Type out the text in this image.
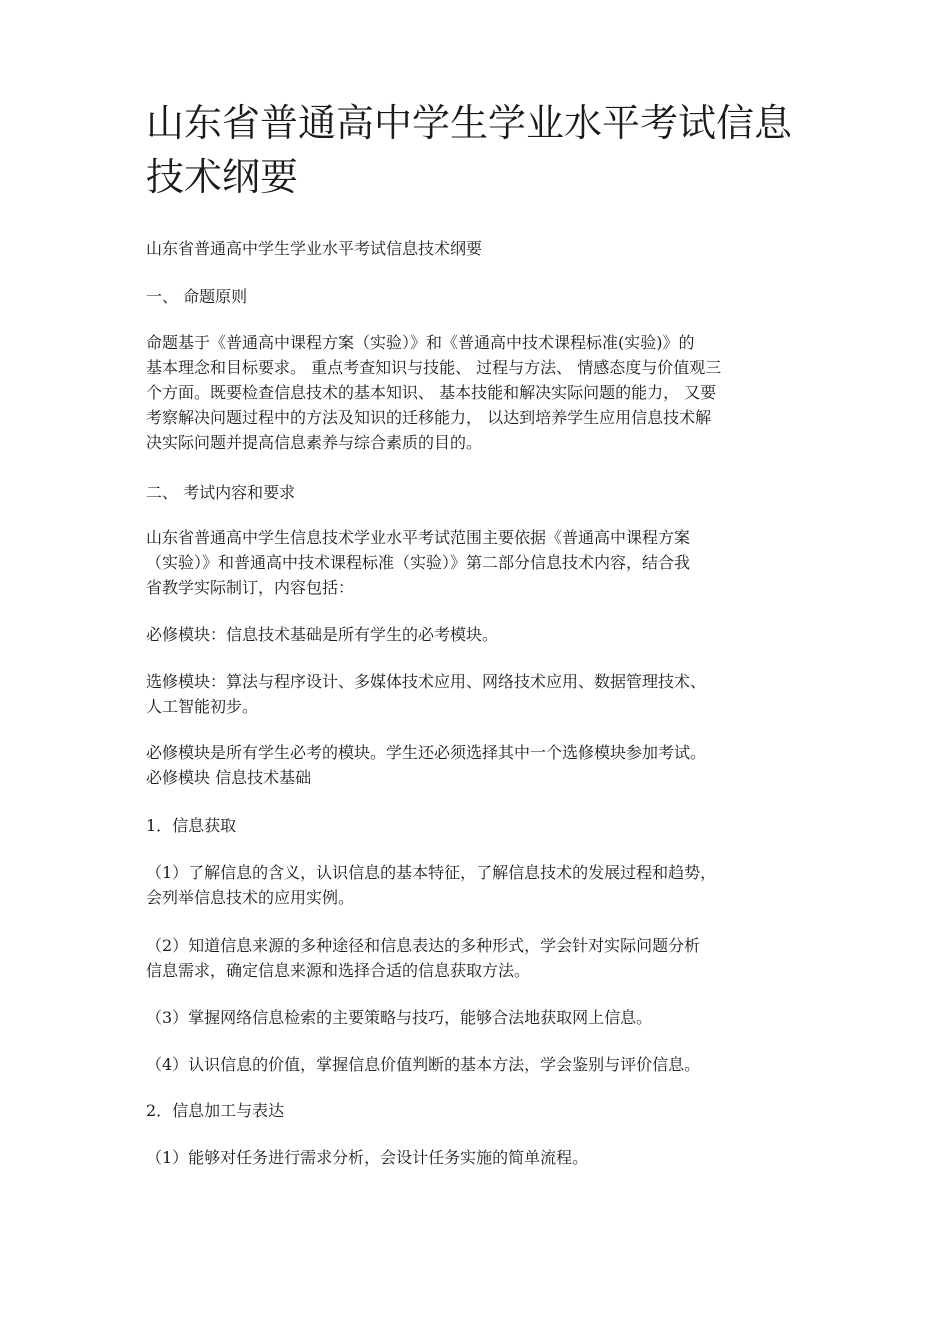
山东省普通高中学生学业水平考试信息
技术纲要

山东省普通高中学生学业水平考试信息技术纲要

一、 命题原则

命题基于《普通高中课程方案（实验）》和《普通高中技术课程标准(实验)》的
基本理念和目标要求。 重点考查知识与技能、 过程与方法、 情感态度与价值观三
个方面。既要检查信息技术的基本知识、 基本技能和解决实际问题的能力， 又要
考察解决问题过程中的方法及知识的迁移能力， 以达到培养学生应用信息技术解
决实际问题并提高信息素养与综合素质的目的。

二、 考试内容和要求

山东省普通高中学生信息技术学业水平考试范围主要依据《普通高中课程方案
（实验）》和普通高中技术课程标准（实验）》第二部分信息技术内容，结合我
省教学实际制订，内容包括：

必修模块：信息技术基础是所有学生的必考模块。

选修模块：算法与程序设计、多媒体技术应用、网络技术应用、数据管理技术、
人工智能初步。
必修模块是所有学生必考的模块。学生还必须选择其中一个选修模块参加考试。
必修模块 信息技术基础

1．信息获取

（1）了解信息的含义，认识信息的基本特征，了解信息技术的发展过程和趋势，
会列举信息技术的应用实例。
（2）知道信息来源的多种途径和信息表达的多种形式，学会针对实际问题分析
信息需求，确定信息来源和选择合适的信息获取方法。

（3）掌握网络信息检索的主要策略与技巧，能够合法地获取网上信息。

（4）认识信息的价值，掌握信息价值判断的基本方法，学会鉴别与评价信息。

2．信息加工与表达

（1）能够对任务进行需求分析，会设计任务实施的简单流程。
